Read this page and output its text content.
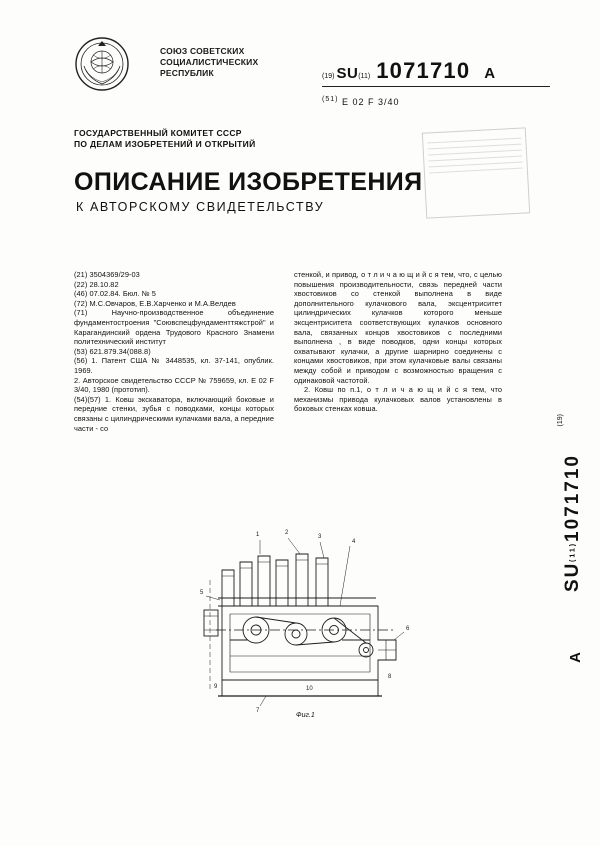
СОЮЗ СОВЕТСКИХ
СОЦИАЛИСТИЧЕСКИХ
РЕСПУБЛИК	(19) SU (11) 1071710 A
$^{(51)}$ Е 02 F 3/40
ГОСУДАРСТВЕННЫЙ КОМИТЕТ СССР
ПО ДЕЛАМ ИЗОБРЕТЕНИЙ И ОТКРЫТИЙ
ОПИСАНИЕ ИЗОБРЕТЕНИЯ
К АВТОРСКОМУ СВИДЕТЕЛЬСТВУ

(21) 3504369/29-03

(22) 28.10.82

(46) 07.02.84. Бюл. № 5

(72) М.С.Овчаров, Е.В.Харченко и М.А.Велдев

(71) Научно-производственное объединение фундаментостроения "Соювспецфундаменттяжстрой" и Карагандинский ордена Трудового Красного Знамени политехнический институт

(53) 621.879.34(088.8)

(56) 1. Патент США № 3448535, кл. 37-141, опублик. 1969.

2. Авторское свидетельство СССР № 759659, кл. Е 02 F 3/40, 1980 (прототип).

(54)(57) 1. Ковш экскаватора, включающий боковые и передние стенки, зубья с поводками, концы которых связаны с цилиндрическими кулачками вала, а передние части - со

стенкой, и привод, о т л и ч а ю щ и й с я тем, что, с целью повышения производительности, связь передней части хвостовиков со стенкой выполнена в виде дополнительного кулачкового вала, эксцентриситет цилиндрических кулачков которого меньше эксцентриситета соответствующих кулачков основного вала, связанных концов хвостовиков с последними выполнена , в виде поводков, одни концы которых охватывают кулачки, а другие шарнирно соединены с концами хвостовиков, при этом кулачковые валы связаны между собой и приводом с возможностью вращения с одинаковой частотой.

2. Ковш по п.1, о т л и ч а ю щ и й с я тем, что механизмы привода кулачковых валов установлены в боковых стенках ковша.

(19)
SU
(11)
1071710
A
1	2
3
4
5
6
7
8
9	10
Фиг.1
